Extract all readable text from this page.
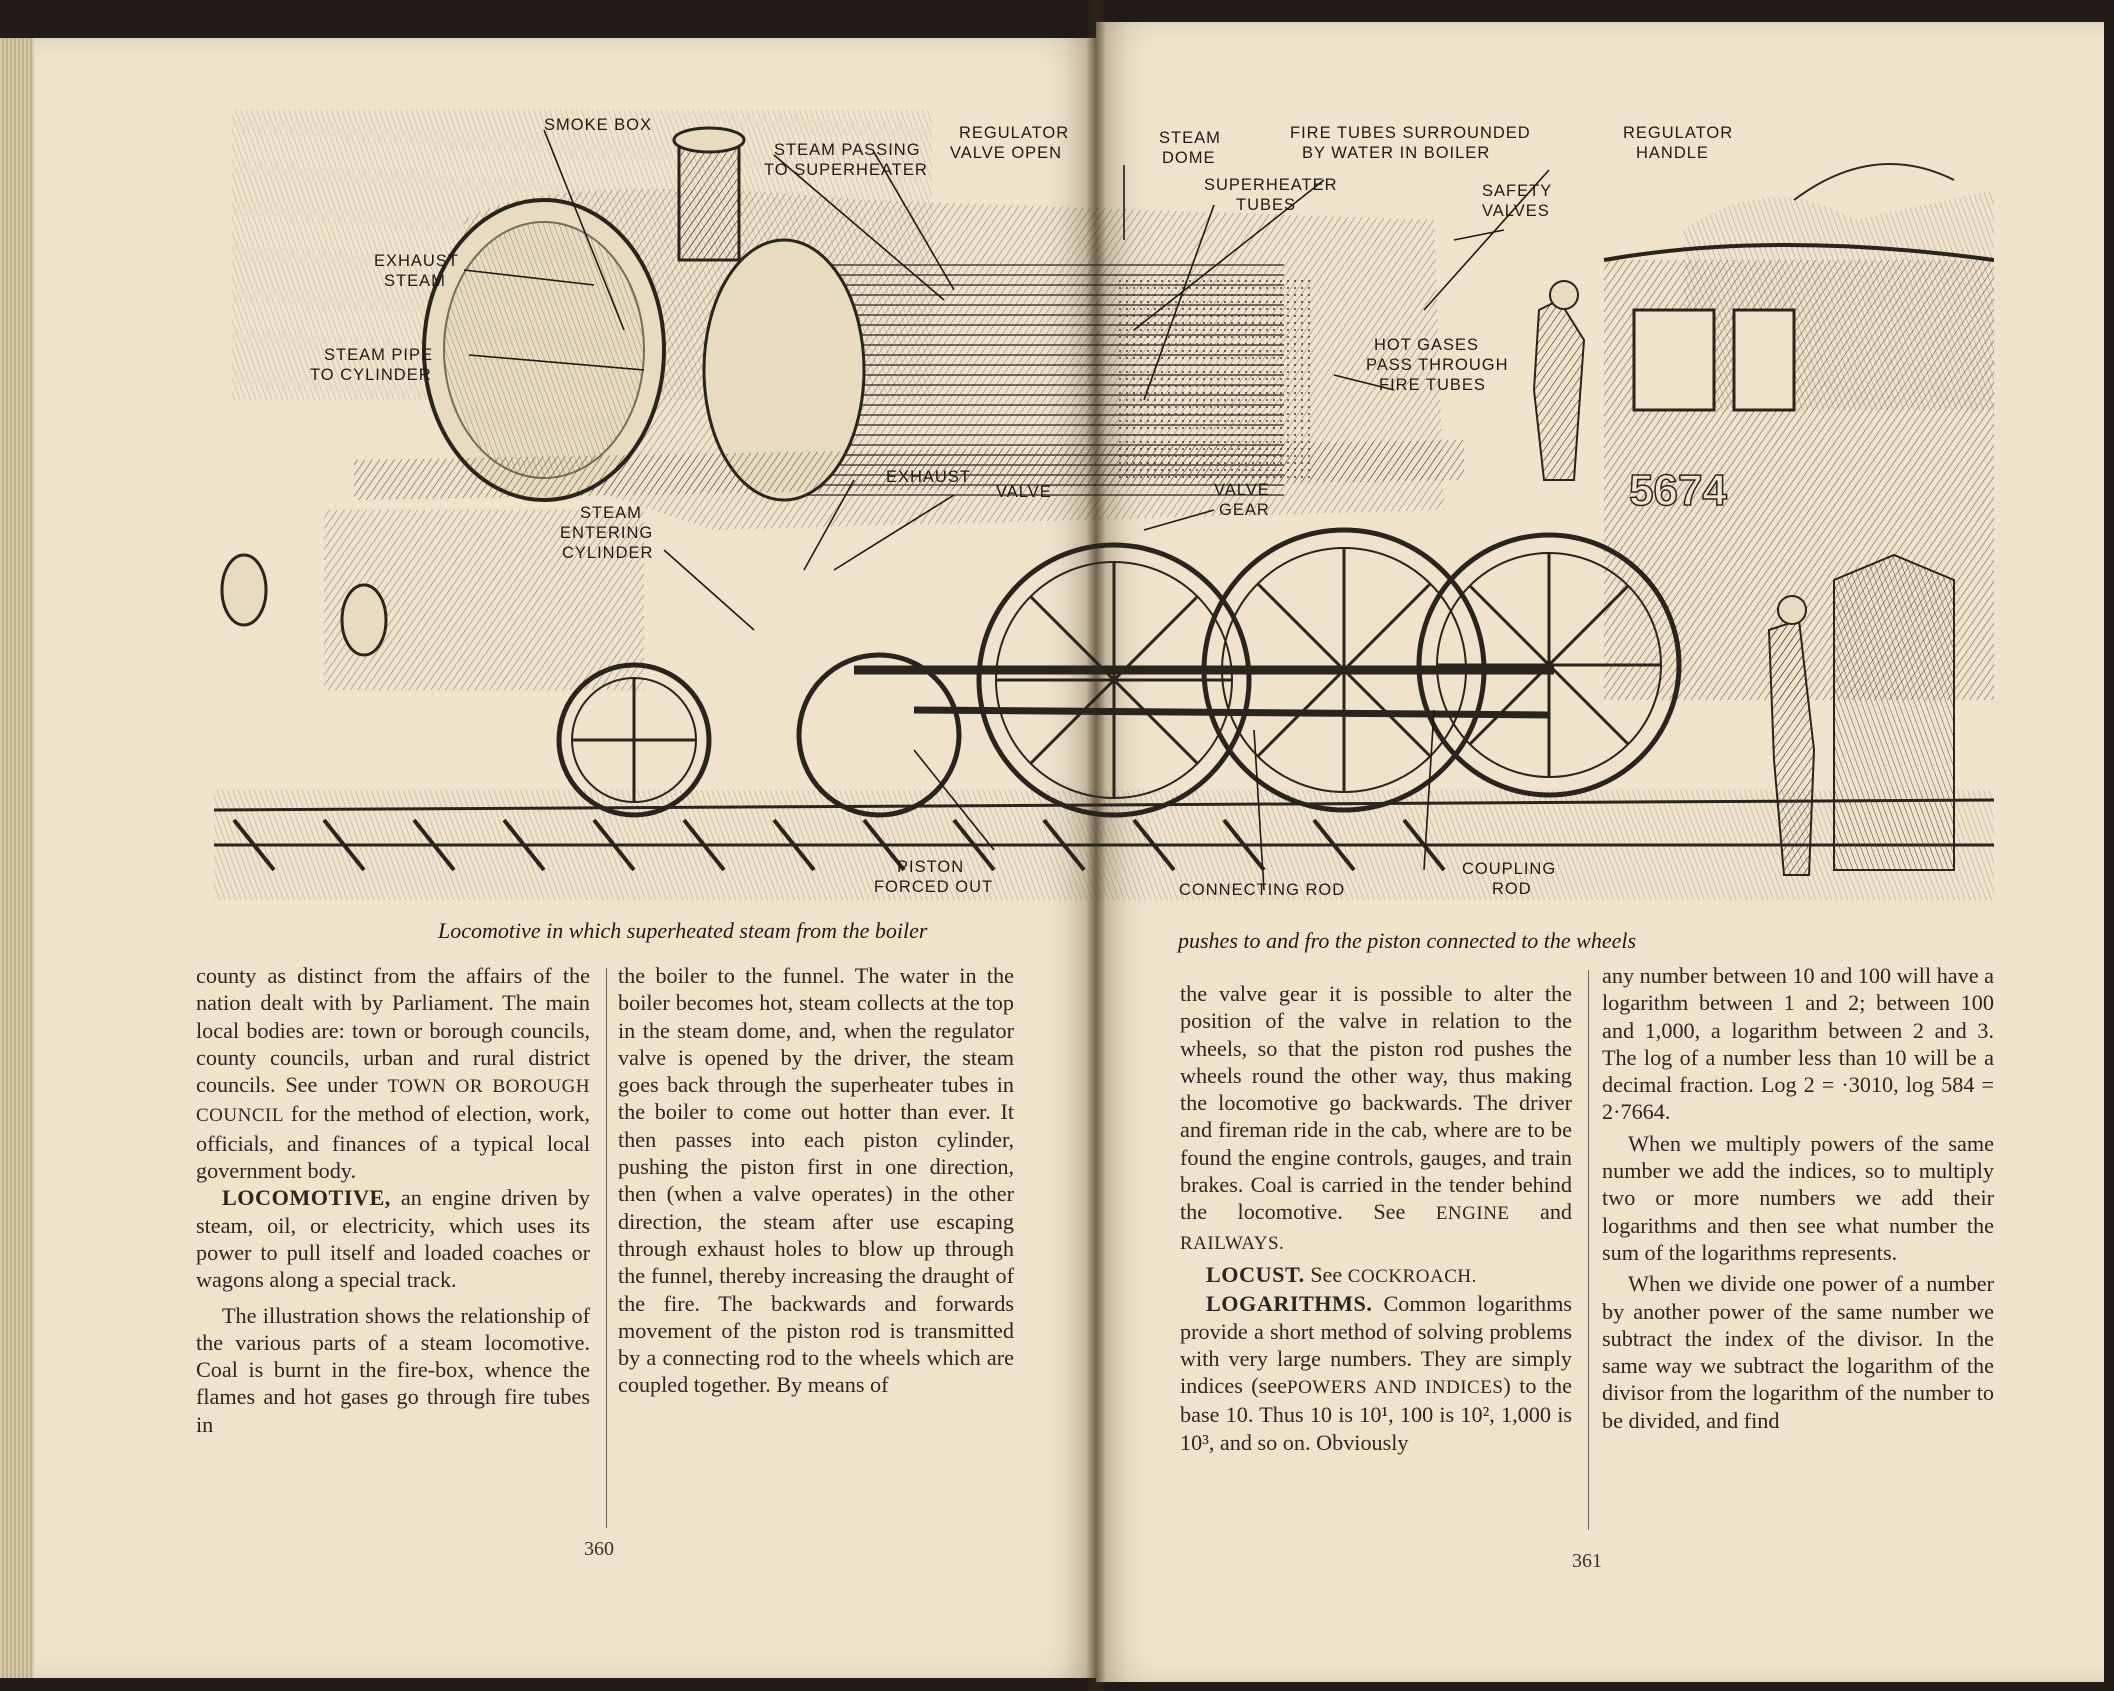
5674
SMOKE BOX
STEAM PASSING
TO SUPERHEATER
REGULATOR
VALVE OPEN
STEAM
DOME
FIRE TUBES SURROUNDED
BY WATER IN BOILER
REGULATOR
HANDLE
SUPERHEATER
TUBES
SAFETY
VALVES
EXHAUST
STEAM
STEAM PIPE
TO CYLINDER
HOT GASES
PASS THROUGH
FIRE TUBES
EXHAUST
VALVE	VALVE
GEAR
STEAM
ENTERING
CYLINDER
PISTON
FORCED OUT	CONNECTING ROD
COUPLING
ROD
Locomotive in which superheated steam from the boiler	pushes to and fro the piston connected to the wheels

county as distinct from the affairs of the nation dealt with by Parliament. The main local bodies are: town or borough councils, county councils, urban and rural district councils. See under TOWN OR BOROUGH COUNCIL for the method of election, work, officials, and finances of a typical local government body.

LOCOMOTIVE, an engine driven by steam, oil, or electricity, which uses its power to pull itself and loaded coaches or wagons along a special track.

The illustration shows the relationship of the various parts of a steam locomotive. Coal is burnt in the fire-box, whence the flames and hot gases go through fire tubes in

the boiler to the funnel. The water in the boiler becomes hot, steam collects at the top in the steam dome, and, when the regulator valve is opened by the driver, the steam goes back through the superheater tubes in the boiler to come out hotter than ever. It then passes into each piston cylinder, pushing the piston first in one direction, then (when a valve operates) in the other direction, the steam after use escaping through exhaust holes to blow up through the funnel, thereby increasing the draught of the fire. The backwards and forwards movement of the piston rod is transmitted by a connecting rod to the wheels which are coupled together. By means of

360

the valve gear it is possible to alter the position of the valve in relation to the wheels, so that the piston rod pushes the wheels round the other way, thus making the locomotive go backwards. The driver and fireman ride in the cab, where are to be found the engine controls, gauges, and train brakes. Coal is carried in the tender behind the locomotive. See ENGINE and RAILWAYS.

LOCUST. See COCKROACH.

LOGARITHMS. Common logarithms provide a short method of solving problems with very large numbers. They are simply indices (seePOWERS AND INDICES) to the base 10. Thus 10 is 10¹, 100 is 10², 1,000 is 10³, and so on. Obviously

any number between 10 and 100 will have a logarithm between 1 and 2; between 100 and 1,000, a logarithm between 2 and 3. The log of a number less than 10 will be a decimal fraction. Log 2 = ·3010, log 584 = 2·7664.

When we multiply powers of the same number we add the indices, so to multiply two or more numbers we add their logarithms and then see what number the sum of the logarithms represents.

When we divide one power of a number by another power of the same number we subtract the index of the divisor. In the same way we subtract the logarithm of the divisor from the logarithm of the number to be divided, and find

361
